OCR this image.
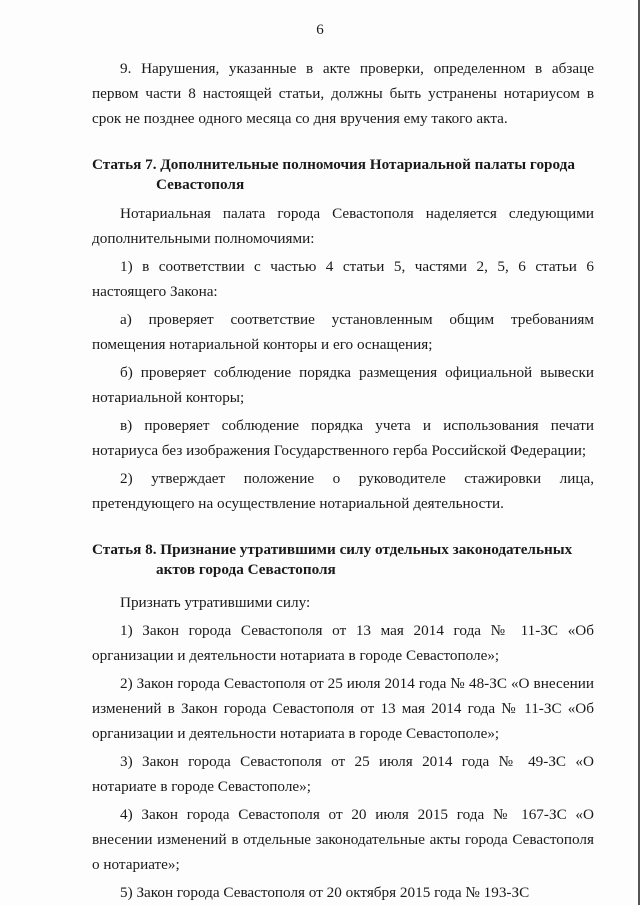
6

9. Нарушения, указанные в акте проверки, определенном в абзаце первом части 8 настоящей статьи, должны быть устранены нотариусом в срок не позднее одного месяца со дня вручения ему такого акта.

Статья 7. Дополнительные полномочия Нотариальной палаты города
Севастополя

Нотариальная палата города Севастополя наделяется следующими дополнительными полномочиями:

1) в соответствии с частью 4 статьи 5, частями 2, 5, 6 статьи 6 настоящего Закона:

а) проверяет соответствие установленным общим требованиям помещения нотариальной конторы и его оснащения;

б) проверяет соблюдение порядка размещения официальной вывески нотариальной конторы;

в) проверяет соблюдение порядка учета и использования печати нотариуса без изображения Государственного герба Российской Федерации;

2) утверждает положение о руководителе стажировки лица, претендующего на осуществление нотариальной деятельности.

Статья 8. Признание утратившими силу отдельных законодательных
актов города Севастополя

Признать утратившими силу:

1) Закон города Севастополя от 13 мая 2014 года № 11-ЗС «Об организации и деятельности нотариата в городе Севастополе»;

2) Закон города Севастополя от 25 июля 2014 года № 48-ЗС «О внесении изменений в Закон города Севастополя от 13 мая 2014 года № 11-ЗС «Об организации и деятельности нотариата в городе Севастополе»;

3) Закон города Севастополя от 25 июля 2014 года № 49-ЗС «О нотариате в городе Севастополе»;

4) Закон города Севастополя от 20 июля 2015 года № 167-ЗС «О внесении изменений в отдельные законодательные акты города Севастополя о нотариате»;

5) Закон города Севастополя от 20 октября 2015 года № 193-ЗС
